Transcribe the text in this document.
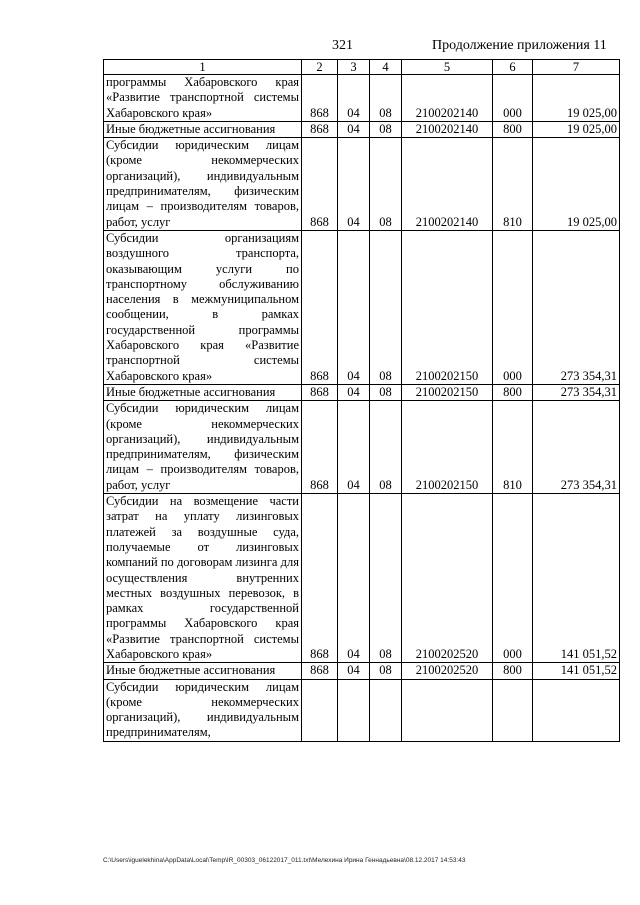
321	Продолжение приложения 11
1	2	3	4	5	6	7
программы Хабаровского края «Развитие транспортной системы Хабаровского края»	868	04	08	2100202140	000	19 025,00
Иные бюджетные ассигнования	868	04	08	2100202140	800	19 025,00
Субсидии юридическим лицам (кроме некоммерческих организаций), индивидуальным предпринимателям, физическим лицам – производителям товаров, работ, услуг	868	04	08	2100202140	810	19 025,00
Субсидии организациям воздушного транспорта, оказывающим услуги по транспортному обслуживанию населения в межмуниципальном сообщении, в рамках государственной программы Хабаровского края «Развитие транспортной системы Хабаровского края»	868	04	08	2100202150	000	273 354,31
Иные бюджетные ассигнования	868	04	08	2100202150	800	273 354,31
Субсидии юридическим лицам (кроме некоммерческих организаций), индивидуальным предпринимателям, физическим лицам – производителям товаров, работ, услуг	868	04	08	2100202150	810	273 354,31
Субсидии на возмещение части затрат на уплату лизинговых платежей за воздушные суда, получаемые от лизинговых компаний по договорам лизинга для осуществления внутренних местных воздушных перевозок, в рамках государственной программы Хабаровского края «Развитие транспортной системы Хабаровского края»	868	04	08	2100202520	000	141 051,52
Иные бюджетные ассигнования	868	04	08	2100202520	800	141 051,52
Субсидии юридическим лицам (кроме некоммерческих организаций), индивидуальным предпринимателям,						
C:\Users\iguelekhina\AppData\Local\Temp\IR_00303_06122017_011.txt\Мелехина Ирина Геннадьевна\08.12.2017 14:53:43
